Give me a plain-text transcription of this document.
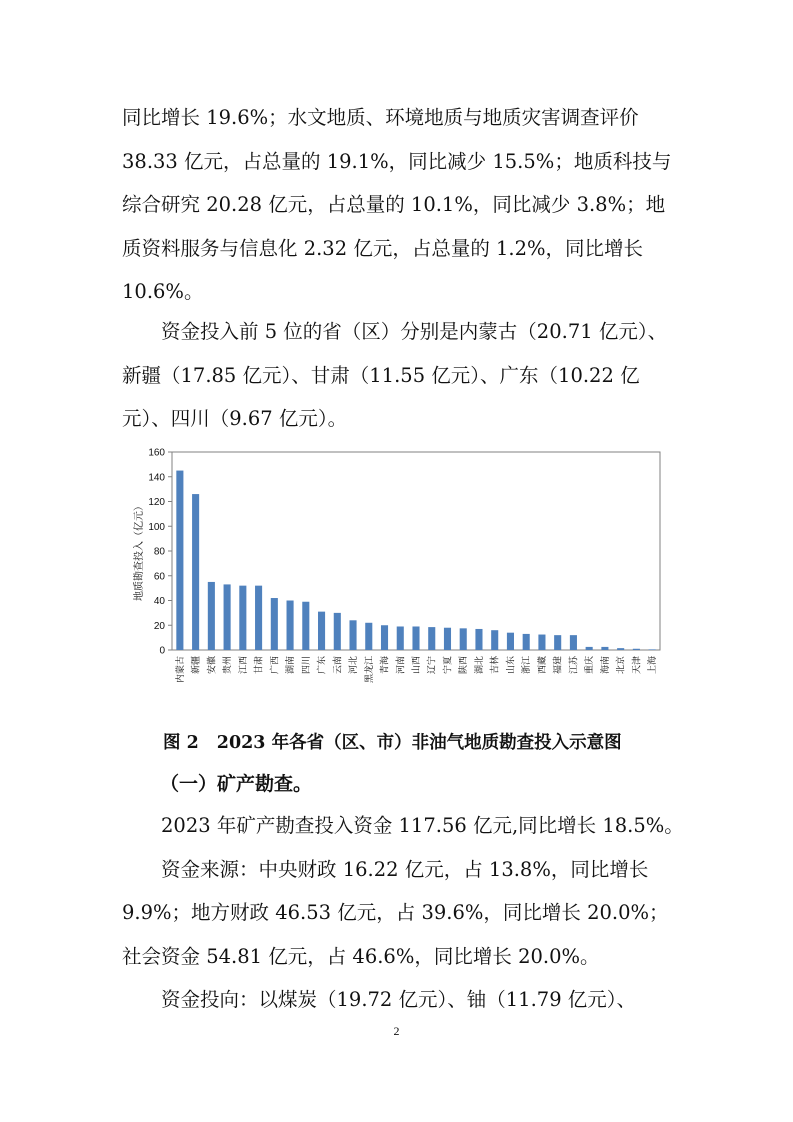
同比增长 19.6%；水文地质、环境地质与地质灾害调查评价
38.33 亿元，占总量的 19.1%，同比减少 15.5%；地质科技与
综合研究 20.28 亿元，占总量的 10.1%，同比减少 3.8%；地
质资料服务与信息化 2.32 亿元，占总量的 1.2%，同比增长
10.6%。
　　资金投入前 5 位的省（区）分别是内蒙古（20.71 亿元）、
新疆（17.85 亿元）、甘肃（11.55 亿元）、广东（10.22 亿
元）、四川（9.67 亿元）。
0
20
40
60
80
100
120
140
160
地质勘查投入（亿元）
内蒙古 新疆 安徽 贵州 江西 甘肃 广西 湖南 四川 广东 云南 河北 黑龙江 青海 河南 山西 辽宁 宁夏 陕西 湖北 吉林 山东 浙江 西藏 福建 江苏 重庆 海南 北京 天津 上海
图 2 2023 年各省（区、市）非油气地质勘查投入示意图
（一）矿产勘查。
　　2023 年矿产勘查投入资金 117.56 亿元,同比增长 18.5%。
　　资金来源：中央财政 16.22 亿元，占 13.8%，同比增长
9.9%；地方财政 46.53 亿元，占 39.6%，同比增长 20.0%；
社会资金 54.81 亿元，占 46.6%，同比增长 20.0%。
　　资金投向：以煤炭（19.72 亿元）、铀（11.79 亿元）、
2
